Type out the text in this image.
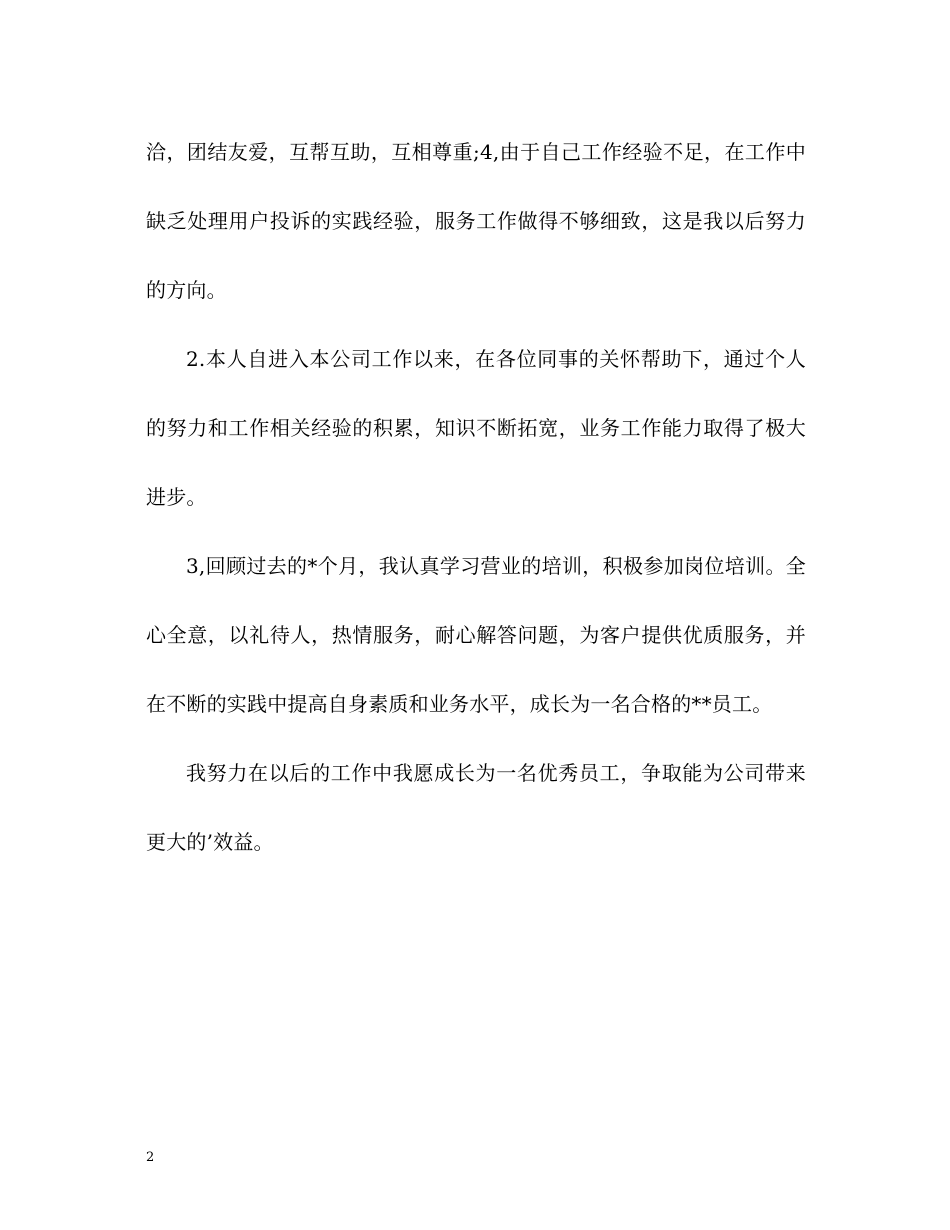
洽，团结友爱，互帮互助，互相尊重;4,由于自己工作经验不足，在工作中缺乏处理用户投诉的实践经验，服务工作做得不够细致，这是我以后努力的方向。

2.本人自进入本公司工作以来，在各位同事的关怀帮助下，通过个人的努力和工作相关经验的积累，知识不断拓宽，业务工作能力取得了极大进步。

3,回顾过去的*个月，我认真学习营业的培训，积极参加岗位培训。全心全意，以礼待人，热情服务，耐心解答问题，为客户提供优质服务，并在不断的实践中提高自身素质和业务水平，成长为一名合格的**员工。

我努力在以后的工作中我愿成长为一名优秀员工，争取能为公司带来更大的’效益。

2
